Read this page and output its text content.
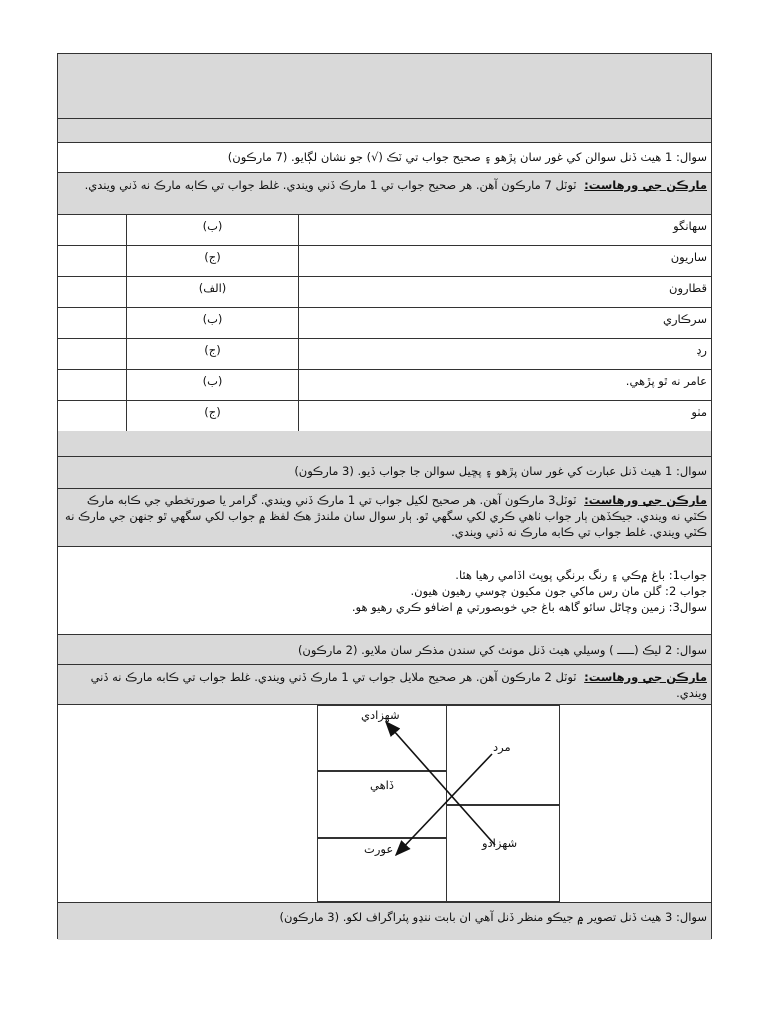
سوال: 1 هيٺ ڏنل سوالن کي غور سان پڙهو ۽ صحيح جواب تي ٽڪ (√) جو نشان لڳايو. (7 مارڪون)
مارڪن جي ورهاست: ٽوٽل 7 مارڪون آهن. هر صحيح جواب تي 1 مارڪ ڏني ويندي. غلط جواب تي ڪابه مارڪ نه ڏني ويندي.
سهانگو
(ب)
ساريون
(ج)
قطارون
(الف)
سرڪاري
(ب)
رڍ
(ج)
عامر نه ٿو پڙهي.
(ب)
مٺو
(ج)
سوال: 1 هيٺ ڏنل عبارت کي غور سان پڙهو ۽ پڇيل سوالن جا جواب ڏيو. (3 مارڪون)
مارڪن جي ورهاست: ٽوٽل3 مارڪون آهن. هر صحيح لکيل جواب تي 1 مارڪ ڏني ويندي. گرامر يا صورتخطي جي ڪابه مارڪ ڪٽي نه ويندي. جيڪڏهن ٻار جواب ٺاهي ڪري لکي سگهي ٿو. ٻار سوال سان ملندڙ هڪ لفظ ۾ جواب لکي سگهي ٿو جنهن جي مارڪ نه ڪٽي ويندي. غلط جواب تي ڪابه مارڪ نه ڏني ويندي.
جواب1: باغ ۾ڪي ۽ رنگ برنگي پوپٽ اڏامي رهيا هئا.
جواب 2: گلن مان رس ماکي جون مکيون چوسي رهيون هيون.
سوال3: زمين وچاڻل سائو گاهه باغ جي خوبصورتي ۾ اضافو ڪري رهيو هو.
سوال: 2 ليڪ (ـــــ ) وسيلي هيٺ ڏنل مونث کي سندن مذڪر سان ملايو. (2 مارڪون)
مارڪن جي ورهاست: ٽوٽل 2 مارڪون آهن. هر صحيح ملايل جواب تي 1 مارڪ ڏني ويندي. غلط جواب تي ڪابه مارڪ نه ڏني ويندي.
شهزادي
ڏاهي
عورت
مرد
شهزادو
سوال: 3 هيٺ ڏنل تصوير ۾ جيڪو منظر ڏنل آهي ان بابت ننڍو پئراگراف لکو. (3 مارڪون)
